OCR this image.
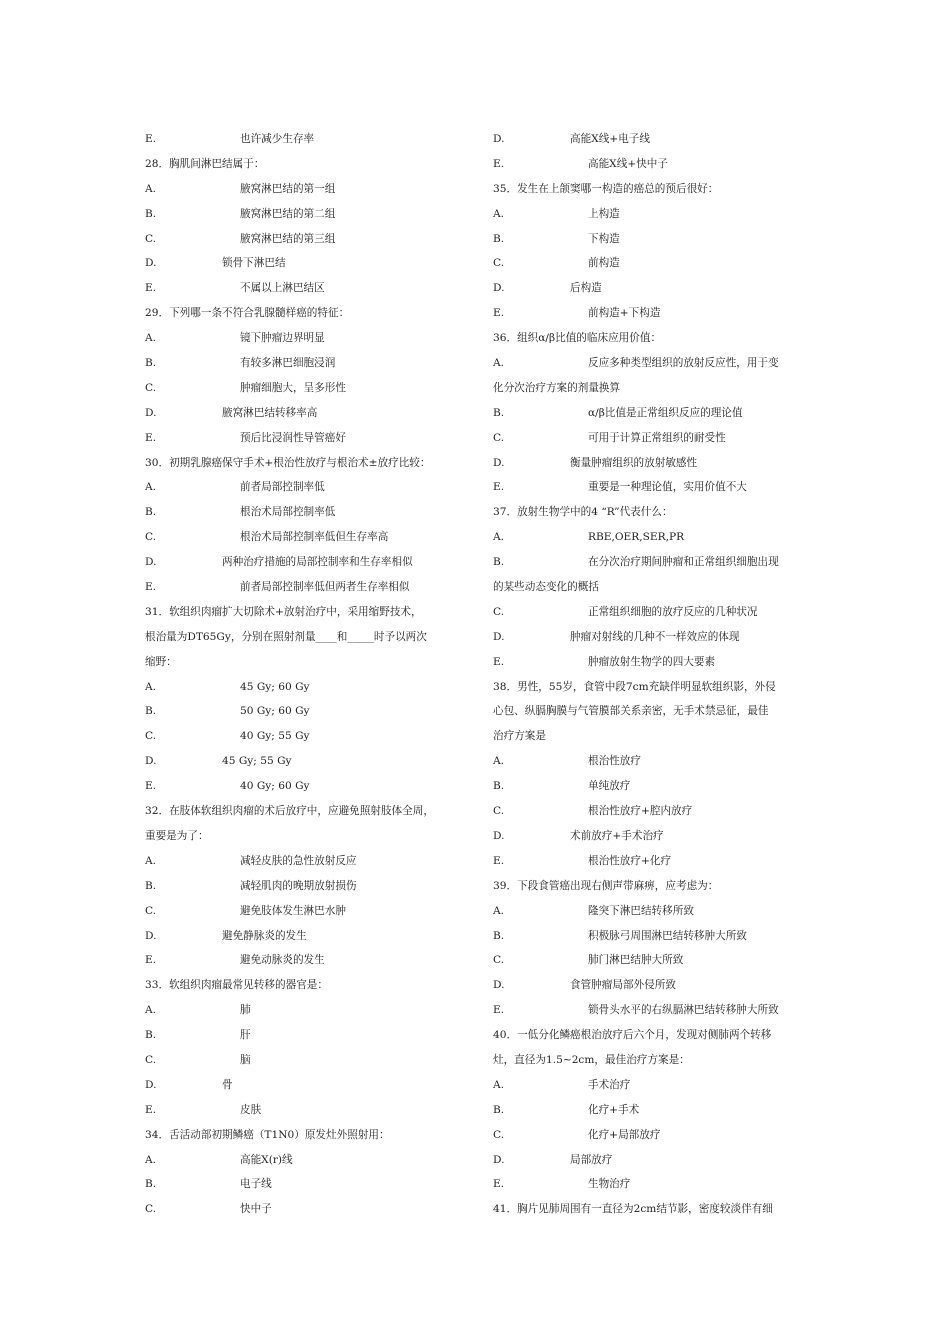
E.	也许减少生存率
28．胸肌间淋巴结属于：
A.	腋窝淋巴结的第一组
B.	腋窝淋巴结的第二组
C.	腋窝淋巴结的第三组
D.	锁骨下淋巴结
E.	不属以上淋巴结区
29．下列哪一条不符合乳腺髓样癌的特征：
A.	镜下肿瘤边界明显
B.	有较多淋巴细胞浸润
C.	肿瘤细胞大，呈多形性
D.	腋窝淋巴结转移率高
E.	预后比浸润性导管癌好
30．初期乳腺癌保守手术+根治性放疗与根治术±放疗比较：
A.	前者局部控制率低
B.	根治术局部控制率低
C.	根治术局部控制率低但生存率高
D.	两种治疗措施的局部控制率和生存率相似
E.	前者局部控制率低但两者生存率相似
31．软组织肉瘤扩大切除术+放射治疗中，采用缩野技术，
根治量为DT65Gy，分别在照射剂量____和_____时予以两次
缩野：
A.	45 Gy; 60 Gy
B.	50 Gy; 60 Gy
C.	40 Gy; 55 Gy
D.	45 Gy; 55 Gy
E.	40 Gy; 60 Gy
32．在肢体软组织肉瘤的术后放疗中，应避免照射肢体全周，
重要是为了：
A.	减轻皮肤的急性放射反应
B.	减轻肌肉的晚期放射损伤
C.	避免肢体发生淋巴水肿
D.	避免静脉炎的发生
E.	避免动脉炎的发生
33．软组织肉瘤最常见转移的器官是：
A.	肺
B.	肝
C.	脑
D.	骨
E.	皮肤
34．舌活动部初期鳞癌（T1N0）原发灶外照射用：
A.	高能X(r)线
B.	电子线
C.	快中子
D.	高能X线+电子线
E.	高能X线+快中子
35．发生在上颌窦哪一构造的癌总的预后很好：
A.	上构造
B.	下构造
C.	前构造
D.	后构造
E.	前构造+下构造
36．组织α/β比值的临床应用价值：
A.	反应多种类型组织的放射反应性，用于变
化分次治疗方案的剂量换算
B.	α/β比值是正常组织反应的理论值
C.	可用于计算正常组织的耐受性
D.	衡量肿瘤组织的放射敏感性
E.	重要是一种理论值，实用价值不大
37．放射生物学中的4 “R”代表什么：
A.	RBE,OER,SER,PR
B.	在分次治疗期间肿瘤和正常组织细胞出现
的某些动态变化的概括
C.	正常组织细胞的放疗反应的几种状况
D.	肿瘤对射线的几种不一样效应的体现
E.	肿瘤放射生物学的四大要素
38．男性，55岁，食管中段7cm充缺伴明显软组织影，外侵
心包、纵膈胸膜与气管膜部关系亲密，无手术禁忌征，最佳
治疗方案是
A.	根治性放疗
B.	单纯放疗
C.	根治性放疗+腔内放疗
D.	术前放疗+手术治疗
E.	根治性放疗+化疗
39．下段食管癌出现右侧声带麻痹，应考虑为：
A.	隆突下淋巴结转移所致
B.	积极脉弓周围淋巴结转移肿大所致
C.	肺门淋巴结肿大所致
D.	食管肿瘤局部外侵所致
E.	锁骨头水平的右纵膈淋巴结转移肿大所致
40．一低分化鳞癌根治放疗后六个月，发现对侧肺两个转移
灶，直径为1.5~2cm，最佳治疗方案是：
A.	手术治疗
B.	化疗+手术
C.	化疗+局部放疗
D.	局部放疗
E.	生物治疗
41．胸片见肺周围有一直径为2cm结节影，密度较淡伴有细
